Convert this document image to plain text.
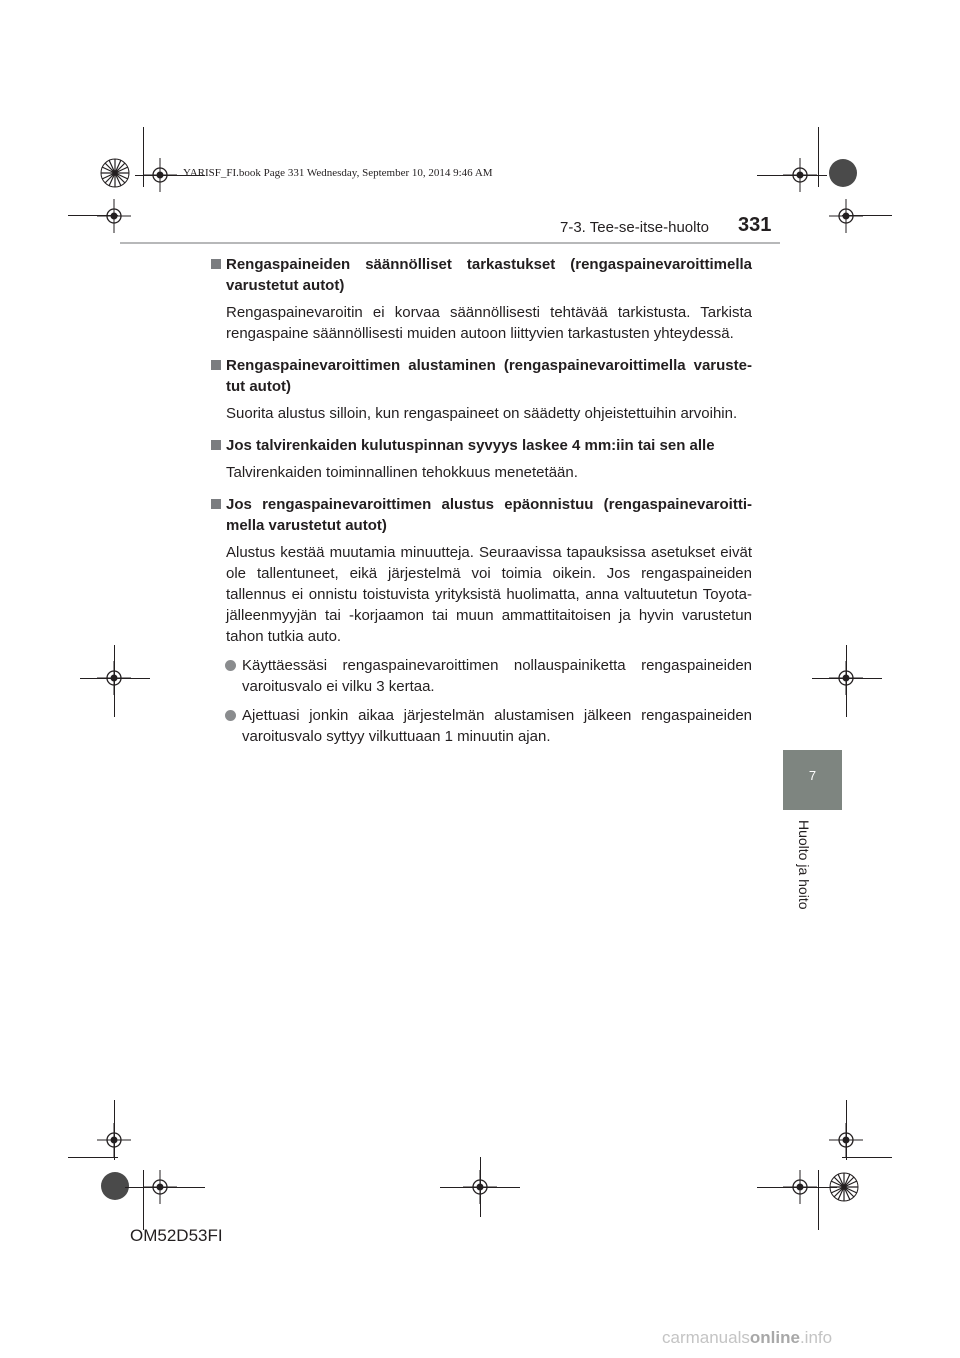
YARISF_FI.book Page 331 Wednesday, September 10, 2014 9:46 AM
7-3. Tee-se-itse-huolto 331
Rengaspaineiden säännölliset tarkastukset (rengaspainevaroittimella varustetut autot)
Rengaspainevaroitin ei korvaa säännöllisesti tehtävää tarkistusta. Tarkista rengaspaine säännöllisesti muiden autoon liittyvien tarkastusten yhteydessä.
Rengaspainevaroittimen alustaminen (rengaspainevaroittimella varuste-tut autot)
Suorita alustus silloin, kun rengaspaineet on säädetty ohjeistettuihin arvoihin.
Jos talvirenkaiden kulutuspinnan syvyys laskee 4 mm:iin tai sen alle
Talvirenkaiden toiminnallinen tehokkuus menetetään.
Jos rengaspainevaroittimen alustus epäonnistuu (rengaspainevaroitti-mella varustetut autot)
Alustus kestää muutamia minuutteja. Seuraavissa tapauksissa asetukset eivät ole tallentuneet, eikä järjestelmä voi toimia oikein. Jos rengaspaineiden tallennus ei onnistu toistuvista yrityksistä huolimatta, anna valtuutetun Toyota-jälleenmyyjän tai -korjaamon tai muun ammattitaitoisen ja hyvin varustetun tahon tutkia auto.
Käyttäessäsi rengaspainevaroittimen nollauspainiketta rengaspaineiden varoitusvalo ei vilku 3 kertaa.
Ajettuasi jonkin aikaa järjestelmän alustamisen jälkeen rengaspaineiden varoitusvalo syttyy vilkuttuaan 1 minuutin ajan.
7
Huolto ja hoito
OM52D53FI
carmanualsonline.info
